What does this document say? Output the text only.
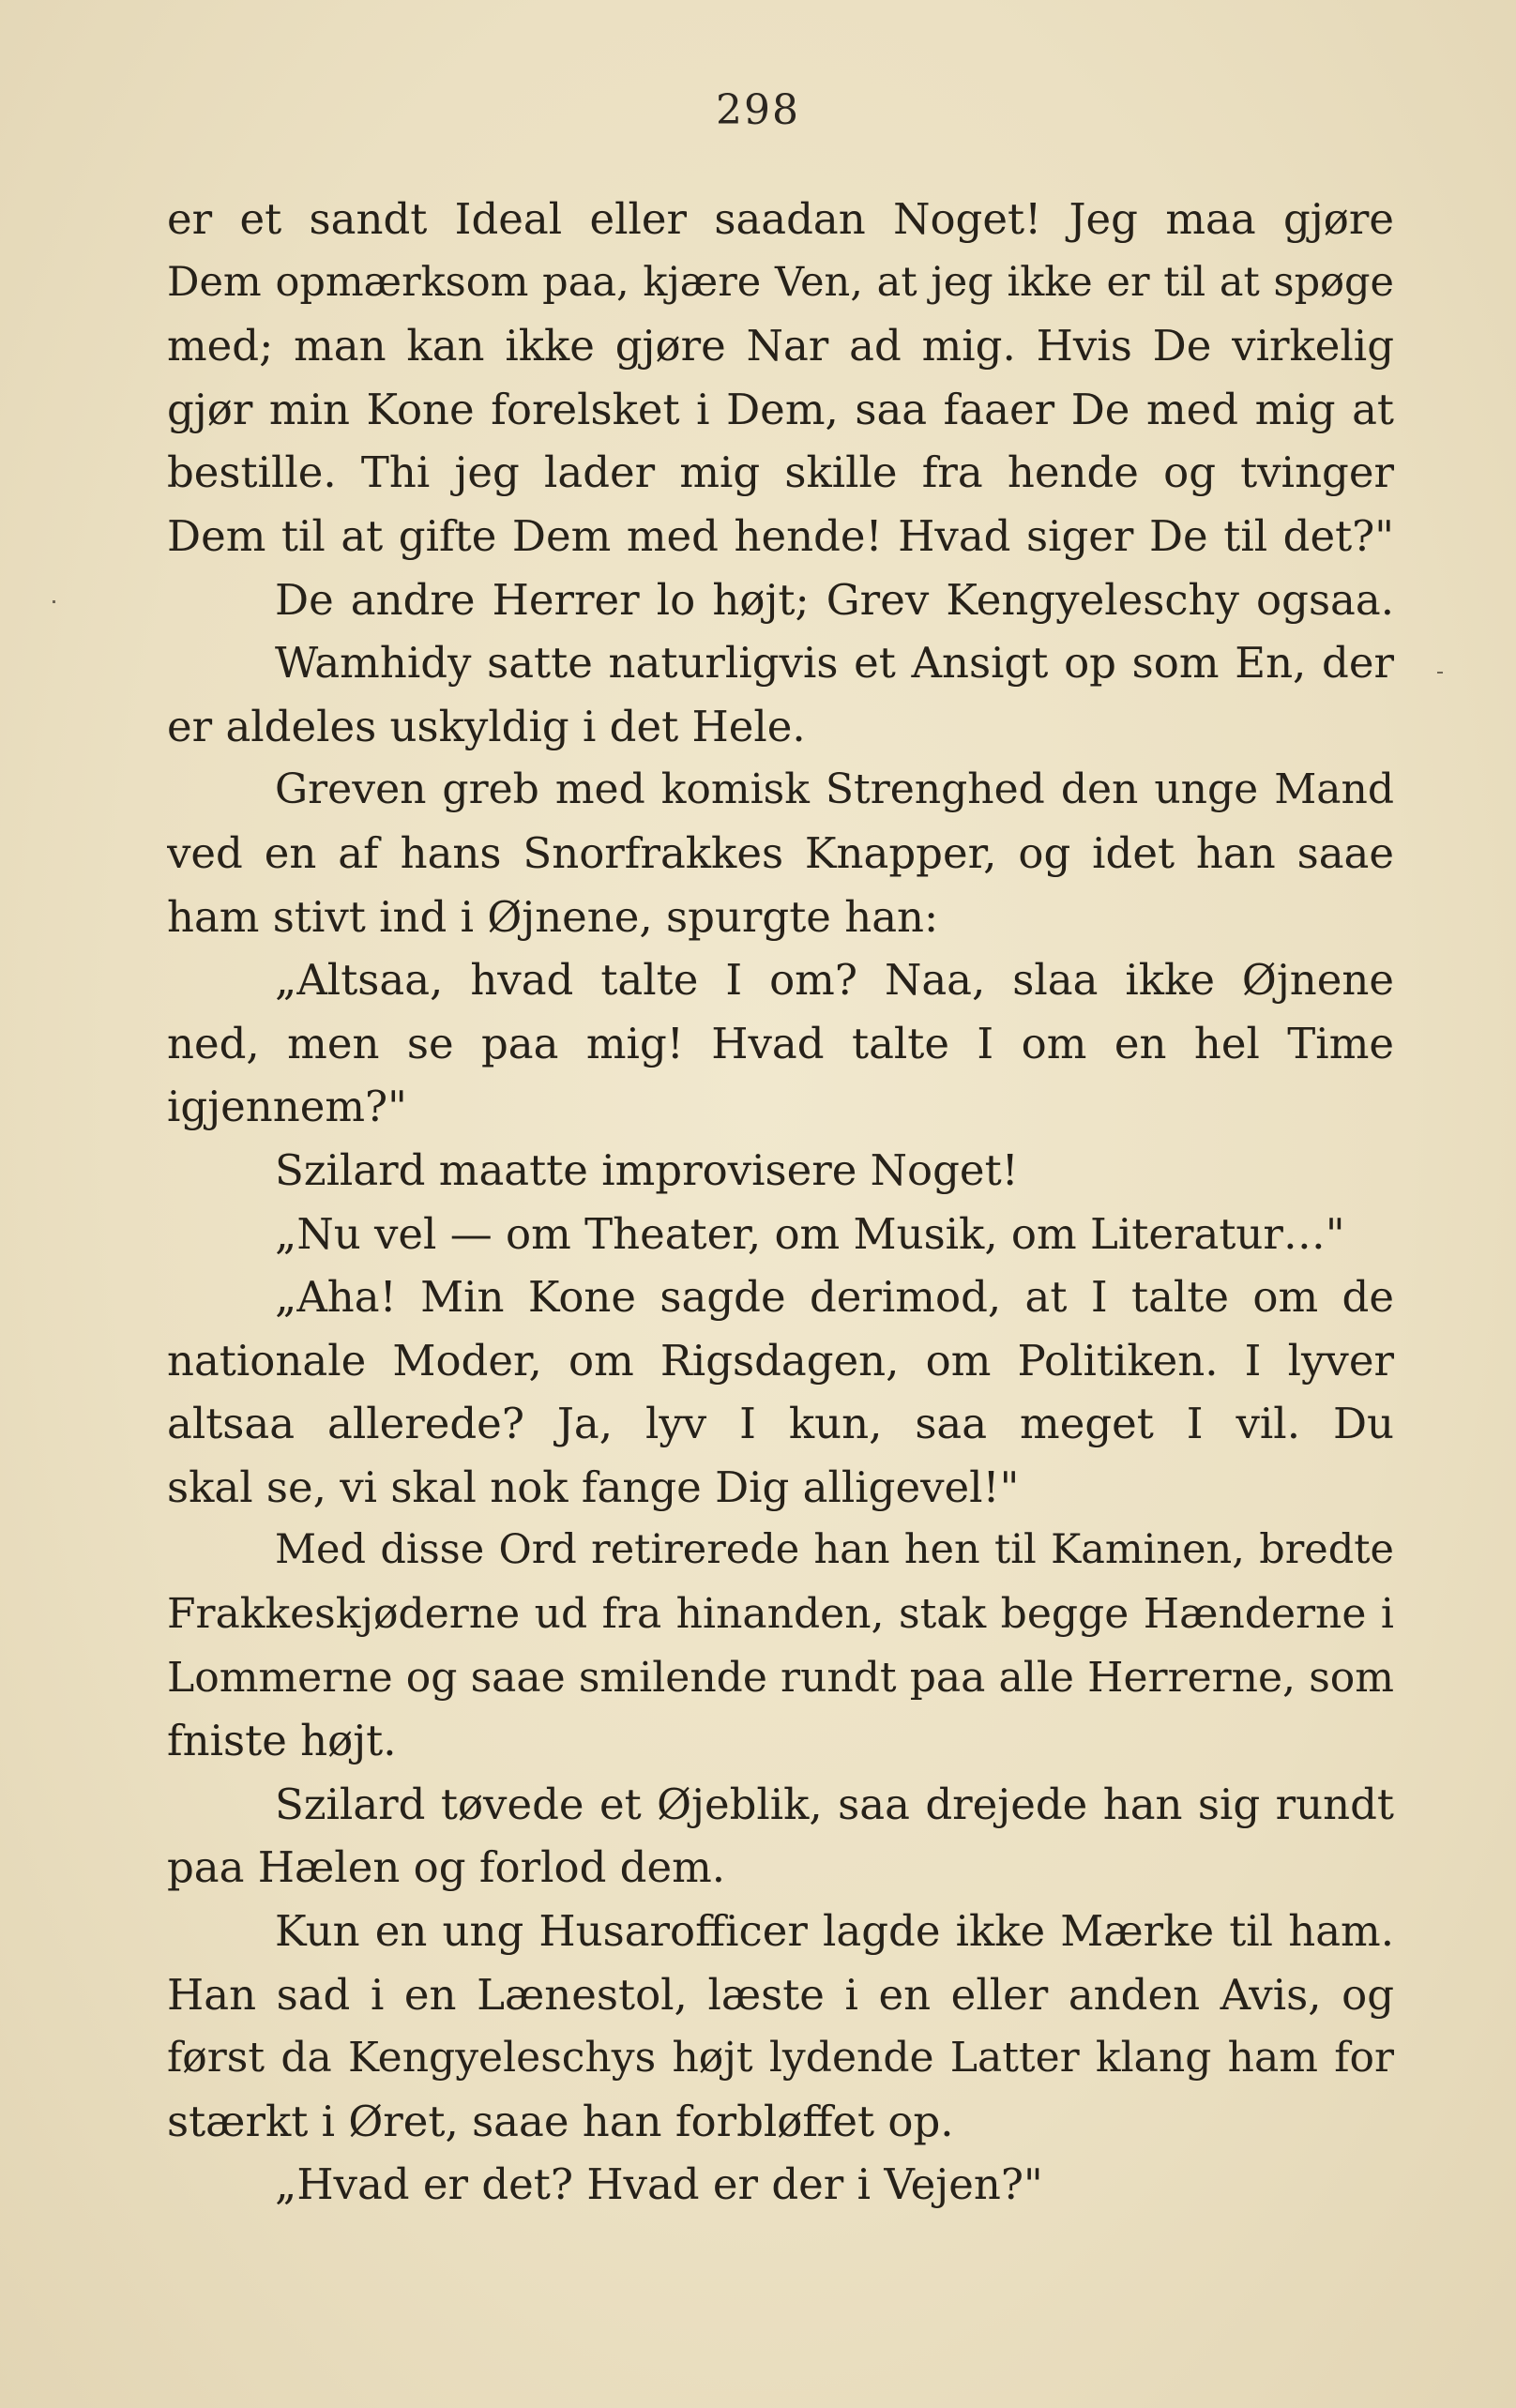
298
er et sandt Ideal eller saadan Noget! Jeg maa gjøre
Dem opmærksom paa, kjære Ven, at jeg ikke er til at spøge
med; man kan ikke gjøre Nar ad mig. Hvis De virkelig
gjør min Kone forelsket i Dem, saa faaer De med mig at
bestille. Thi jeg lader mig skille fra hende og tvinger
Dem til at gifte Dem med hende! Hvad siger De til det?"
De andre Herrer lo højt; Grev Kengyeleschy ogsaa.
Wamhidy satte naturligvis et Ansigt op som En, der
er aldeles uskyldig i det Hele.
Greven greb med komisk Strenghed den unge Mand
ved en af hans Snorfrakkes Knapper, og idet han saae
ham stivt ind i Øjnene, spurgte han:
„Altsaa, hvad talte I om? Naa, slaa ikke Øjnene
ned, men se paa mig! Hvad talte I om en hel Time
igjennem?"
Szilard maatte improvisere Noget!
„Nu vel — om Theater, om Musik, om Literatur…"
„Aha! Min Kone sagde derimod, at I talte om de
nationale Moder, om Rigsdagen, om Politiken. I lyver
altsaa allerede? Ja, lyv I kun, saa meget I vil. Du
skal se, vi skal nok fange Dig alligevel!"
Med disse Ord retirerede han hen til Kaminen, bredte
Frakkeskjøderne ud fra hinanden, stak begge Hænderne i
Lommerne og saae smilende rundt paa alle Herrerne, som
fniste højt.
Szilard tøvede et Øjeblik, saa drejede han sig rundt
paa Hælen og forlod dem.
Kun en ung Husarofficer lagde ikke Mærke til ham.
Han sad i en Lænestol, læste i en eller anden Avis, og
først da Kengyeleschys højt lydende Latter klang ham for
stærkt i Øret, saae han forbløffet op.
„Hvad er det? Hvad er der i Vejen?"
